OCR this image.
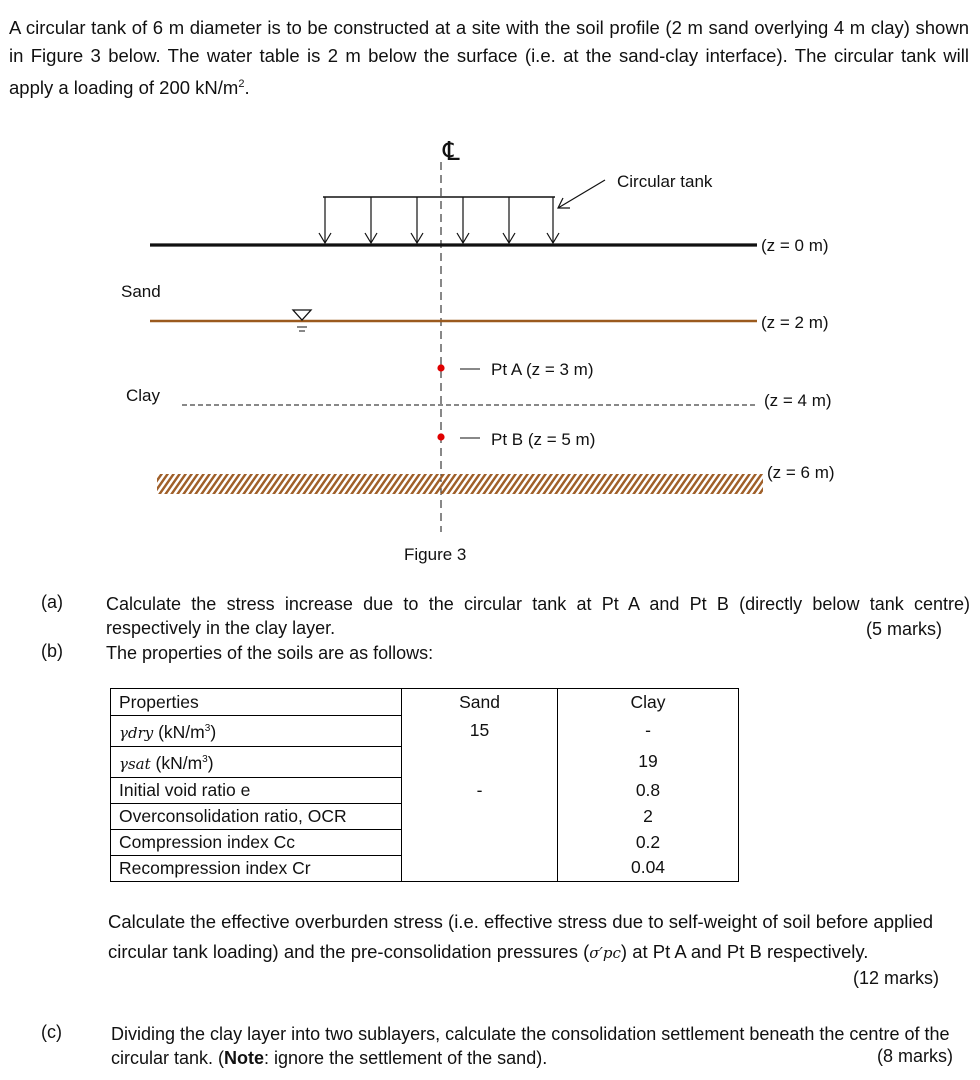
A circular tank of 6 m diameter is to be constructed at a site with the soil profile (2 m sand overlying 4 m clay) shown in Figure 3 below. The water table is 2 m below the surface (i.e. at the sand-clay interface). The circular tank will apply a loading of 200 $kN/m^2$.
℄
Circular tank
(z = 0 m)
Sand
(z = 2 m)
Pt A (z = 3 m)
Clay	(z = 4 m)
Pt B (z = 5 m)
(z = 6 m)
Figure 3
(a) Calculate the stress increase due to the circular tank at Pt A and Pt B (directly below tank centre) respectively in the clay layer.	(5 marks)
(b) The properties of the soils are as follows:
Properties	Sand	Clay
γdry $(kN/m^3)$	15	-
γsat $(kN/m^3)$		19
Initial void ratio e	-	0.8
Overconsolidation ratio, OCR		2
Compression index Cc		0.2
Recompression index Cr		0.04
Calculate the effective overburden stress (i.e. effective stress due to self-weight of soil before applied circular tank loading) and the pre-consolidation pressures (σ′pc) at Pt A and Pt B respectively.
(12 marks)
(c)	Dividing the clay layer into two sublayers, calculate the consolidation settlement beneath the centre of the circular tank. (Note: ignore the settlement of the sand).	(8 marks)
